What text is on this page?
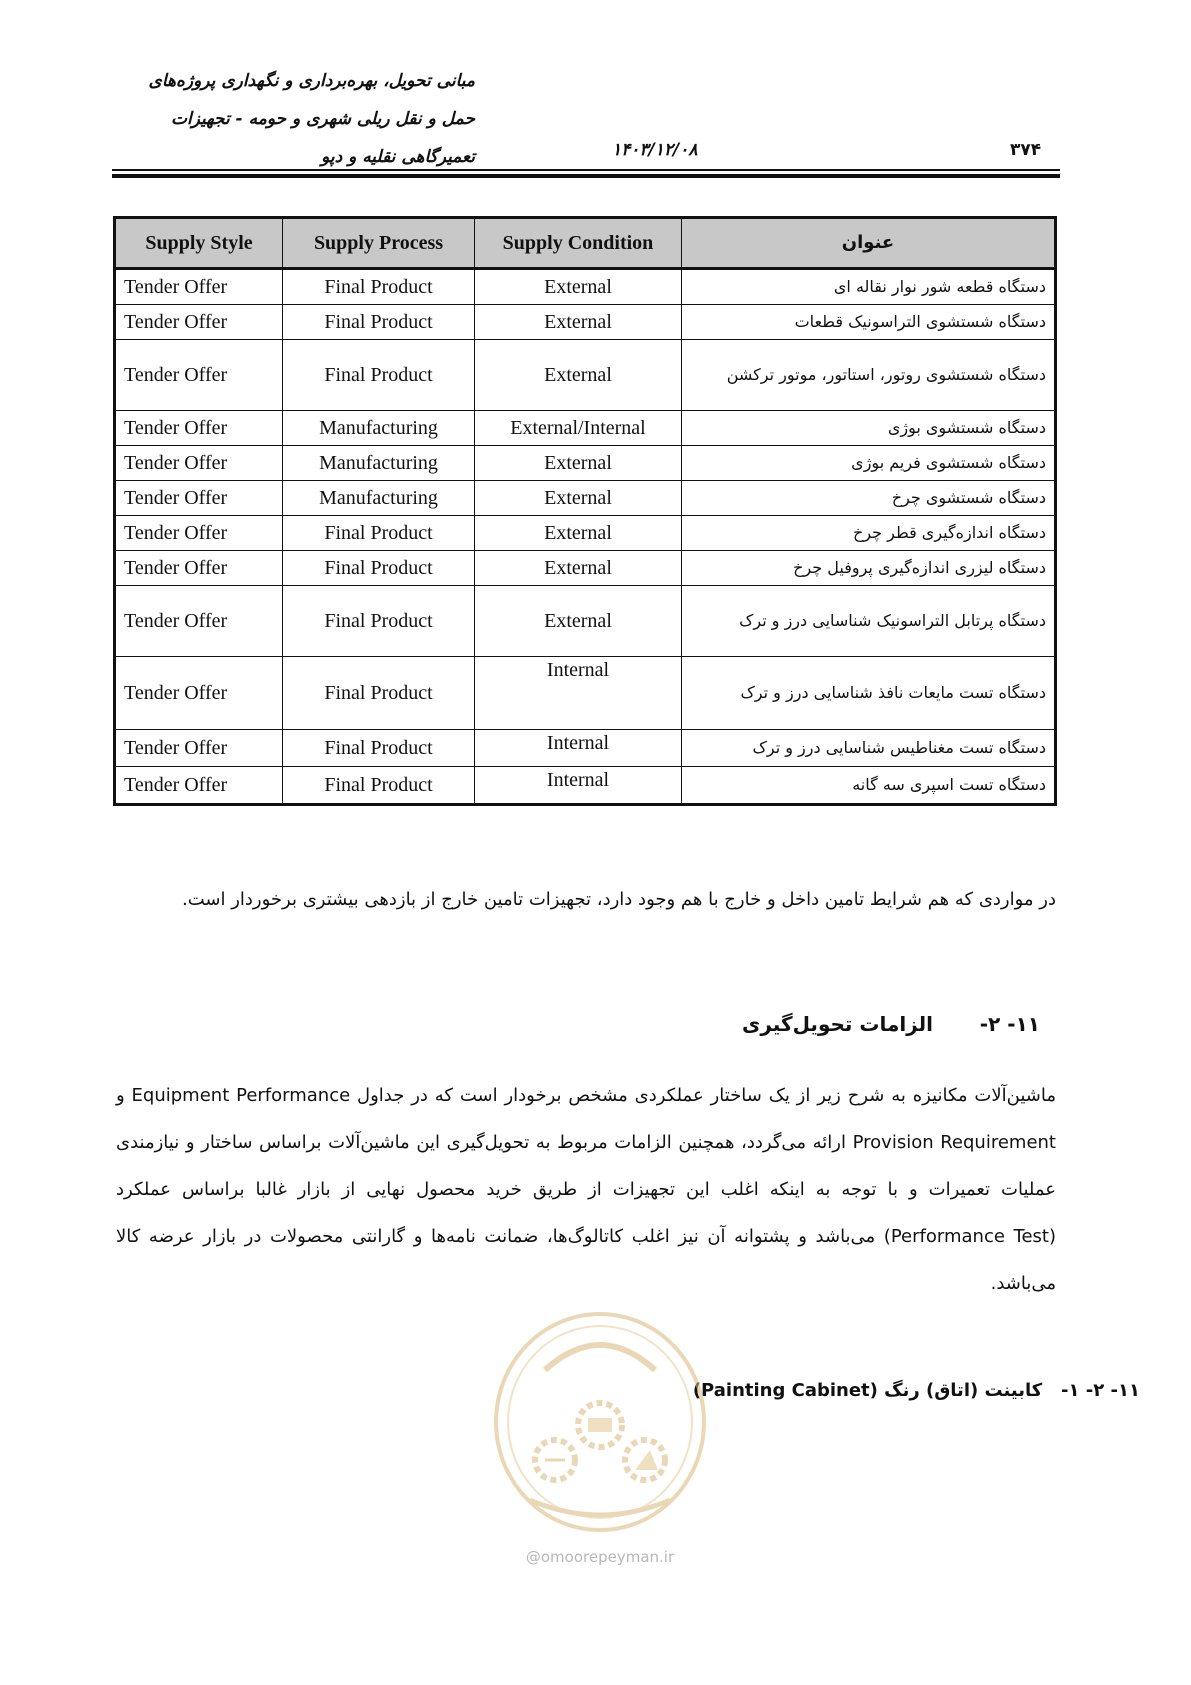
مبانی تحویل، بهره‌برداری و نگهداری پروژه‌های
حمل و نقل ریلی شهری و حومه - تجهیزات
تعمیرگاهی نقلیه و دپو	۱۴۰۳/۱۲/۰۸	۳۷۴
Supply Style	Supply Process	Supply Condition	عنوان
Tender Offer	Final Product	External	دستگاه قطعه شور نوار نقاله ای
Tender Offer	Final Product	External	دستگاه شستشوی التراسونیک قطعات
Tender Offer	Final Product	External	دستگاه شستشوی روتور، استاتور، موتور تركشن
Tender Offer	Manufacturing	External/Internal	دستگاه شستشوی بوژی
Tender Offer	Manufacturing	External	دستگاه شستشوی فریم بوژی
Tender Offer	Manufacturing	External	دستگاه شستشوی چرخ
Tender Offer	Final Product	External	دستگاه اندازه‌گیری قطر چرخ
Tender Offer	Final Product	External	دستگاه لیزری اندازه‌گیری پروفیل چرخ
Tender Offer	Final Product	External	دستگاه پرتابل التراسونیک شناسایی درز و ترک
Tender Offer	Final Product	Internal	دستگاه تست مایعات نافذ شناسایی درز و ترک
Tender Offer	Final Product	Internal	دستگاه تست مغناطیس شناسایی درز و ترک
Tender Offer	Final Product	Internal	دستگاه تست اسپری سه گانه
در مواردی که هم شرایط تامین داخل و خارج با هم وجود دارد، تجهیزات تامین خارج از بازدهی بیشتری برخوردار است.
۱۱- ۲- الزامات تحویل‌گیری
ماشین‌آلات مکانیزه به شرح زیر از یک ساختار عملکردی مشخص برخودار است که در جداول Equipment Performance و Provision Requirement ارائه می‌گردد، همچنین الزامات مربوط به تحویل‌گیری این ماشین‌آلات براساس ساختار و نیازمندی عملیات تعمیرات و با توجه به اینکه اغلب این تجهیزات از طریق خرید محصول نهایی از بازار غالبا براساس عملکرد (Performance Test) می‌باشد و پشتوانه آن نیز اغلب کاتالوگ‌ها، ضمانت نامه‌ها و گارانتی محصولات در بازار عرضه کالا می‌باشد.
۱۱- ۲- ۱-   کابینت (اتاق) رنگ (Painting Cabinet)
@omoorepeyman.ir
